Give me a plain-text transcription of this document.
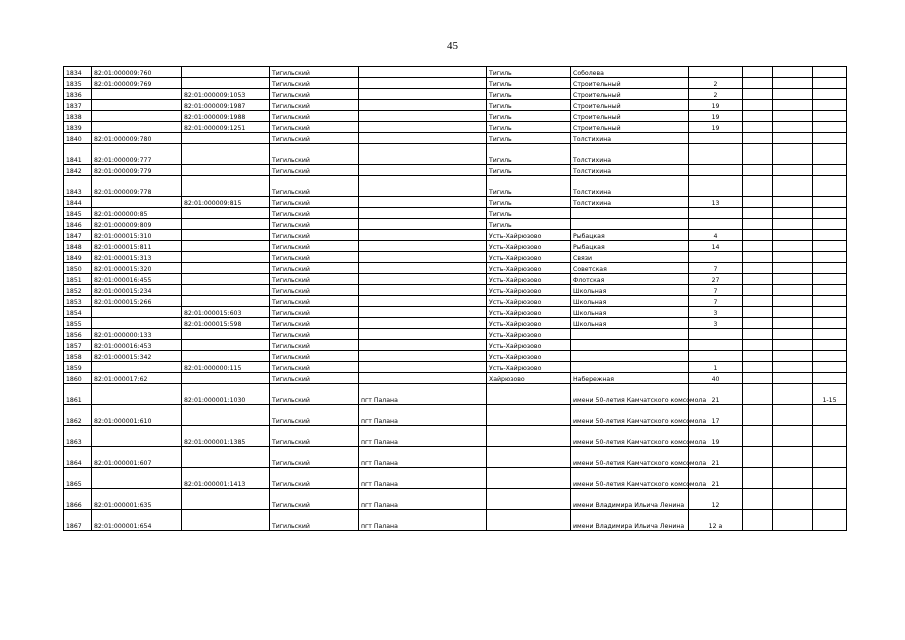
45
1834	82:01:000009:760		Тигильский		Тигиль	Соболева				
1835	82:01:000009:769		Тигильский		Тигиль	Строительный	2			
1836		82:01:000009:1053	Тигильский		Тигиль	Строительный	2			
1837		82:01:000009:1987	Тигильский		Тигиль	Строительный	19			
1838		82:01:000009:1988	Тигильский		Тигиль	Строительный	19			
1839		82:01:000009:1251	Тигильский		Тигиль	Строительный	19			
1840	82:01:000009:780		Тигильский		Тигиль	Толстихина				
1841	82:01:000009:777		Тигильский		Тигиль	Толстихина				
1842	82:01:000009:779		Тигильский		Тигиль	Толстихина				
1843	82:01:000009:778		Тигильский		Тигиль	Толстихина				
1844		82:01:000009:815	Тигильский		Тигиль	Толстихина	13			
1845	82:01:000000:85		Тигильский		Тигиль					
1846	82:01:000009:809		Тигильский		Тигиль					
1847	82:01:000015:310		Тигильский		Усть-Хайрюзово	Рыбацкая	4			
1848	82:01:000015:811		Тигильский		Усть-Хайрюзово	Рыбацкая	14			
1849	82:01:000015:313		Тигильский		Усть-Хайрюзово	Связи				
1850	82:01:000015:320		Тигильский		Усть-Хайрюзово	Советская	7			
1851	82:01:000016:455		Тигильский		Усть-Хайрюзово	Флотская	27			
1852	82:01:000015:234		Тигильский		Усть-Хайрюзово	Школьная	7			
1853	82:01:000015:266		Тигильский		Усть-Хайрюзово	Школьная	7			
1854		82:01:000015:603	Тигильский		Усть-Хайрюзово	Школьная	3			
1855		82:01:000015:598	Тигильский		Усть-Хайрюзово	Школьная	3			
1856	82:01:000000:133		Тигильский		Усть-Хайрюзово					
1857	82:01:000016:453		Тигильский		Усть-Хайрюзово					
1858	82:01:000015:342		Тигильский		Усть-Хайрюзово					
1859		82:01:000000:115	Тигильский		Усть-Хайрюзово		1			
1860	82:01:000017:62		Тигильский		Хайрюзово	Набережная	40			
1861		82:01:000001:1030	Тигильский	пгт Палана		имени 50-летия Камчатского комсомола	21			1-15
1862	82:01:000001:610		Тигильский	пгт Палана		имени 50-летия Камчатского комсомола	17			
1863		82:01:000001:1385	Тигильский	пгт Палана		имени 50-летия Камчатского комсомола	19			
1864	82:01:000001:607		Тигильский	пгт Палана		имени 50-летия Камчатского комсомола	21			
1865		82:01:000001:1413	Тигильский	пгт Палана		имени 50-летия Камчатского комсомола	21			
1866	82:01:000001:635		Тигильский	пгт Палана		имени Владимира Ильича Ленина	12			
1867	82:01:000001:654		Тигильский	пгт Палана		имени Владимира Ильича Ленина	12 а			
